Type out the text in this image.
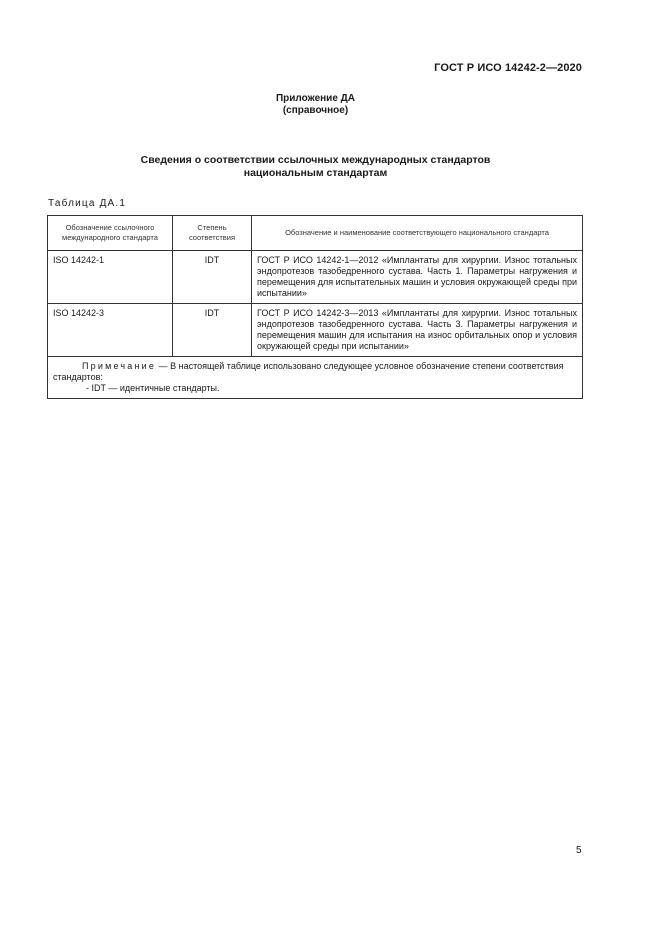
ГОСТ Р ИСО 14242-2—2020
Приложение ДА
(справочное)
Сведения о соответствии ссылочных международных стандартов
национальным стандартам
Таблица ДА.1
Обозначение ссылочного международного стандарта	Степень соответствия	Обозначение и наименование соответствующего национального стандарта
ISO 14242-1	IDT	ГОСТ Р ИСО 14242-1—2012 «Имплантаты для хирургии. Износ тотальных эндопротезов тазобедренного сустава. Часть 1. Параметры нагружения и перемещения для испытательных машин и условия окружающей среды при испытании»
ISO 14242-3	IDT	ГОСТ Р ИСО 14242-3—2013 «Имплантаты для хирургии. Износ тотальных эндопротезов тазобедренного сустава. Часть 3. Параметры нагружения и перемещения машин для испытания на износ орбитальных опор и условия окружающей среды при испытании»

Примечание — В настоящей таблице использовано следующее условное обозначение степени соответствия стандартов:
- IDT — идентичные стандарты.		
5
